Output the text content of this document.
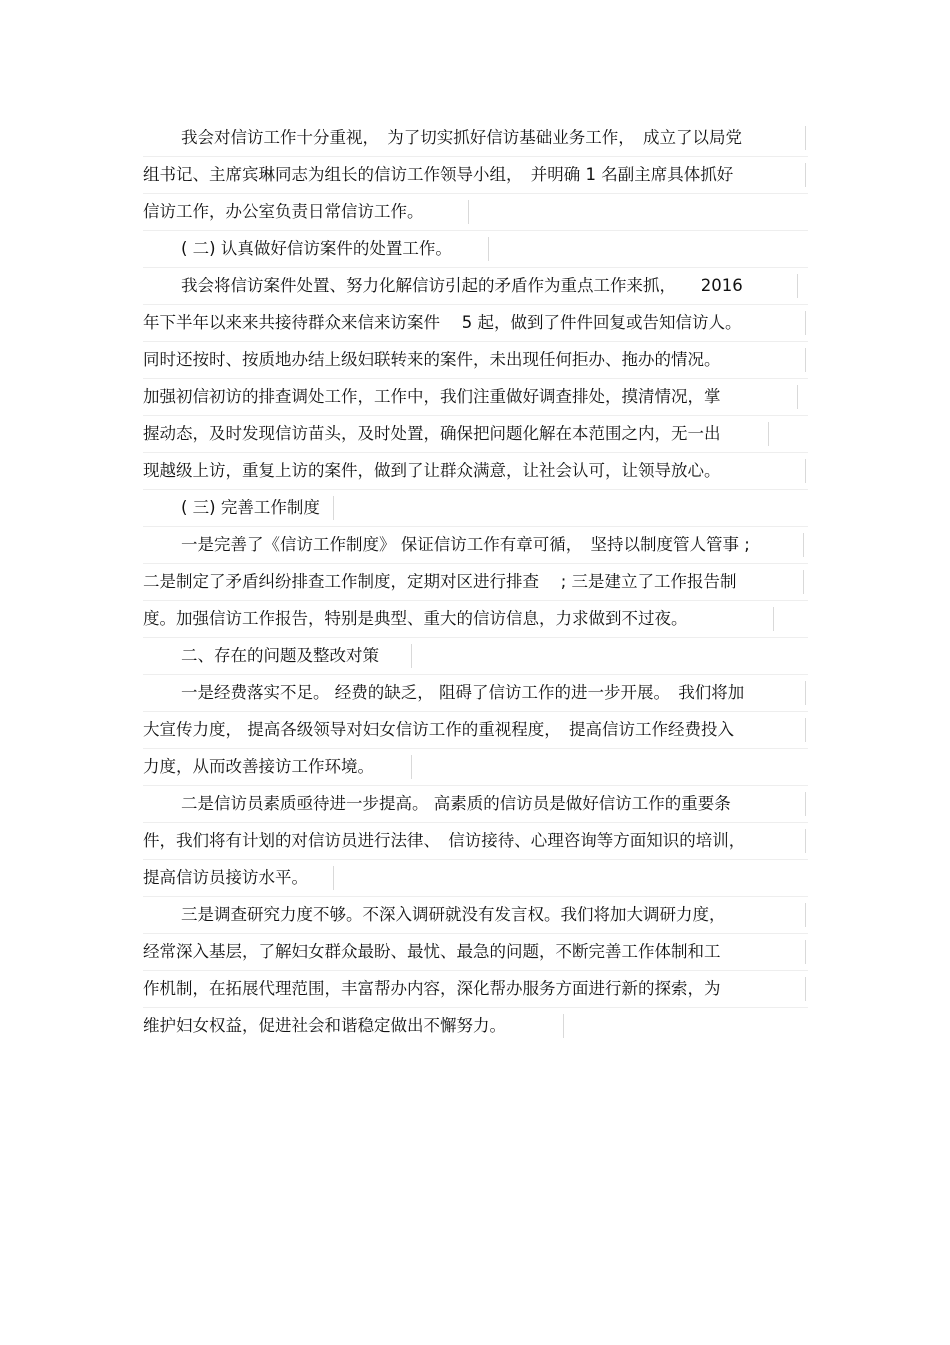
我会对信访工作十分重视，　为了切实抓好信访基础业务工作，　成立了以局党
组书记、主席宾琳同志为组长的信访工作领导小组，　并明确 1 名副主席具体抓好
信访工作，办公室负责日常信访工作。
( 二) 认真做好信访案件的处置工作。
我会将信访案件处置、努力化解信访引起的矛盾作为重点工作来抓，　　2016
年下半年以来来共接待群众来信来访案件　 5 起，做到了件件回复或告知信访人。
同时还按时、按质地办结上级妇联转来的案件，未出现任何拒办、拖办的情况。
加强初信初访的排查调处工作，工作中，我们注重做好调查排处，摸清情况，掌
握动态，及时发现信访苗头，及时处置，确保把问题化解在本范围之内，无一出
现越级上访，重复上访的案件，做到了让群众满意，让社会认可，让领导放心。
( 三) 完善工作制度
一是完善了《信访工作制度》 保证信访工作有章可循，　坚持以制度管人管事 ;
二是制定了矛盾纠纷排查工作制度，定期对区进行排查　 ; 三是建立了工作报告制
度。加强信访工作报告，特别是典型、重大的信访信息，力求做到不过夜。
二、存在的问题及整改对策
一是经费落实不足。 经费的缺乏， 阻碍了信访工作的进一步开展。　我们将加
大宣传力度， 提高各级领导对妇女信访工作的重视程度，　提高信访工作经费投入
力度，从而改善接访工作环境。
二是信访员素质亟待进一步提高。 高素质的信访员是做好信访工作的重要条
件，我们将有计划的对信访员进行法律、　信访接待、心理咨询等方面知识的培训，
提高信访员接访水平。
三是调查研究力度不够。不深入调研就没有发言权。我们将加大调研力度，
经常深入基层，了解妇女群众最盼、最忧、最急的问题，不断完善工作体制和工
作机制，在拓展代理范围，丰富帮办内容，深化帮办服务方面进行新的探索，为
维护妇女权益，促进社会和谐稳定做出不懈努力。
